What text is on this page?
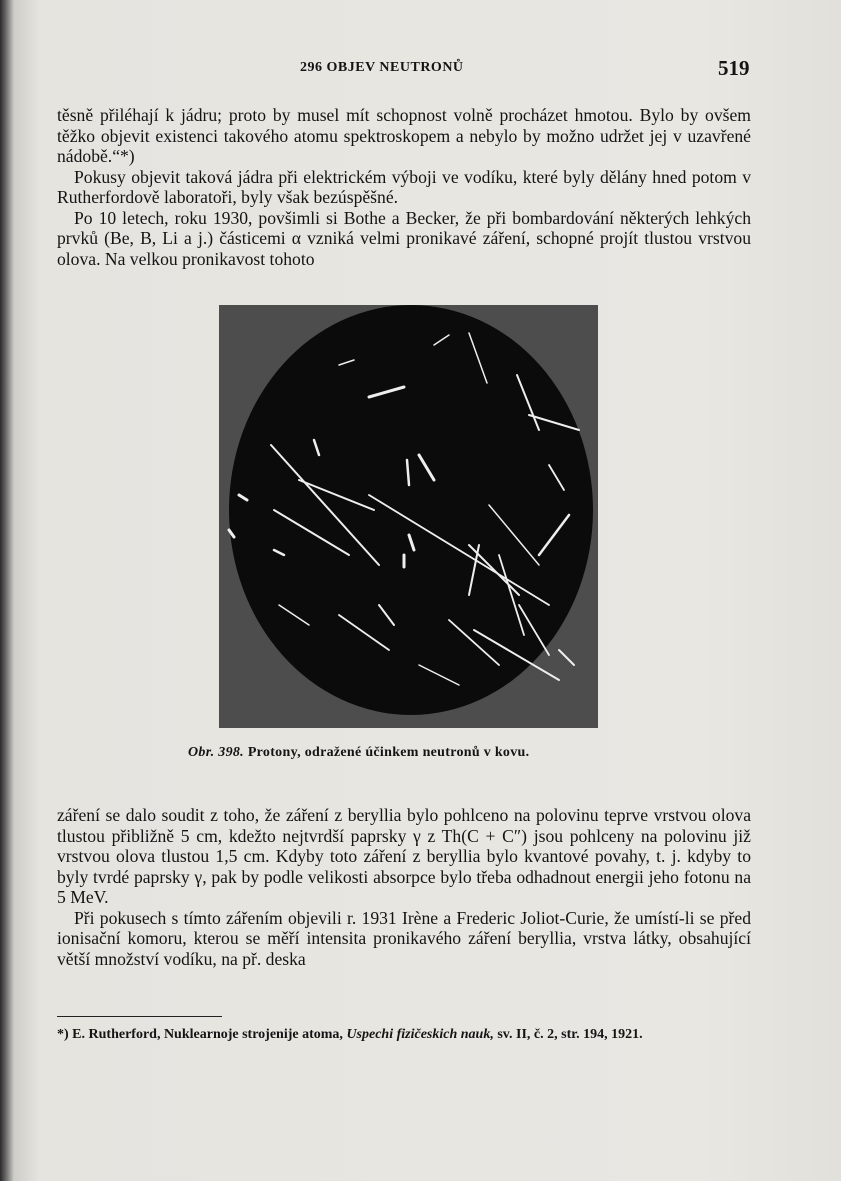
296 OBJEV NEUTRONŮ	519

těsně přiléhají k jádru; proto by musel mít schopnost volně procházet hmotou. Bylo by ovšem těžko objevit existenci takového atomu spektroskopem a nebylo by možno udržet jej v uzavřené nádobě.“*)

Pokusy objevit taková jádra při elektrickém výboji ve vodíku, které byly dělány hned potom v Rutherfordově laboratoři, byly však bezúspěšné.

Po 10 letech, roku 1930, povšimli si Bothe a Becker, že při bombardování některých lehkých prvků (Be, B, Li a j.) částicemi α vzniká velmi pronikavé záření, schopné projít tlustou vrstvou olova. Na velkou pronikavost tohoto

Obr. 398. Protony, odražené účinkem neutronů v kovu.

záření se dalo soudit z toho, že záření z beryllia bylo pohlceno na polovinu teprve vrstvou olova tlustou přibližně 5 cm, kdežto nejtvrdší paprsky γ z Th(C + C″) jsou pohlceny na polovinu již vrstvou olova tlustou 1,5 cm. Kdyby toto záření z beryllia bylo kvantové povahy, t. j. kdyby to byly tvrdé paprsky γ, pak by podle velikosti absorpce bylo třeba odhadnout energii jeho fotonu na 5 MeV.

Při pokusech s tímto zářením objevili r. 1931 Irène a Frederic Joliot-Curie, že umístí-li se před ionisační komoru, kterou se měří intensita pronikavého záření beryllia, vrstva látky, obsahující větší množství vodíku, na př. deska

*) E. Rutherford, Nuklearnoje strojenije atoma, Uspechi fizičeskich nauk, sv. II, č. 2, str. 194, 1921.
